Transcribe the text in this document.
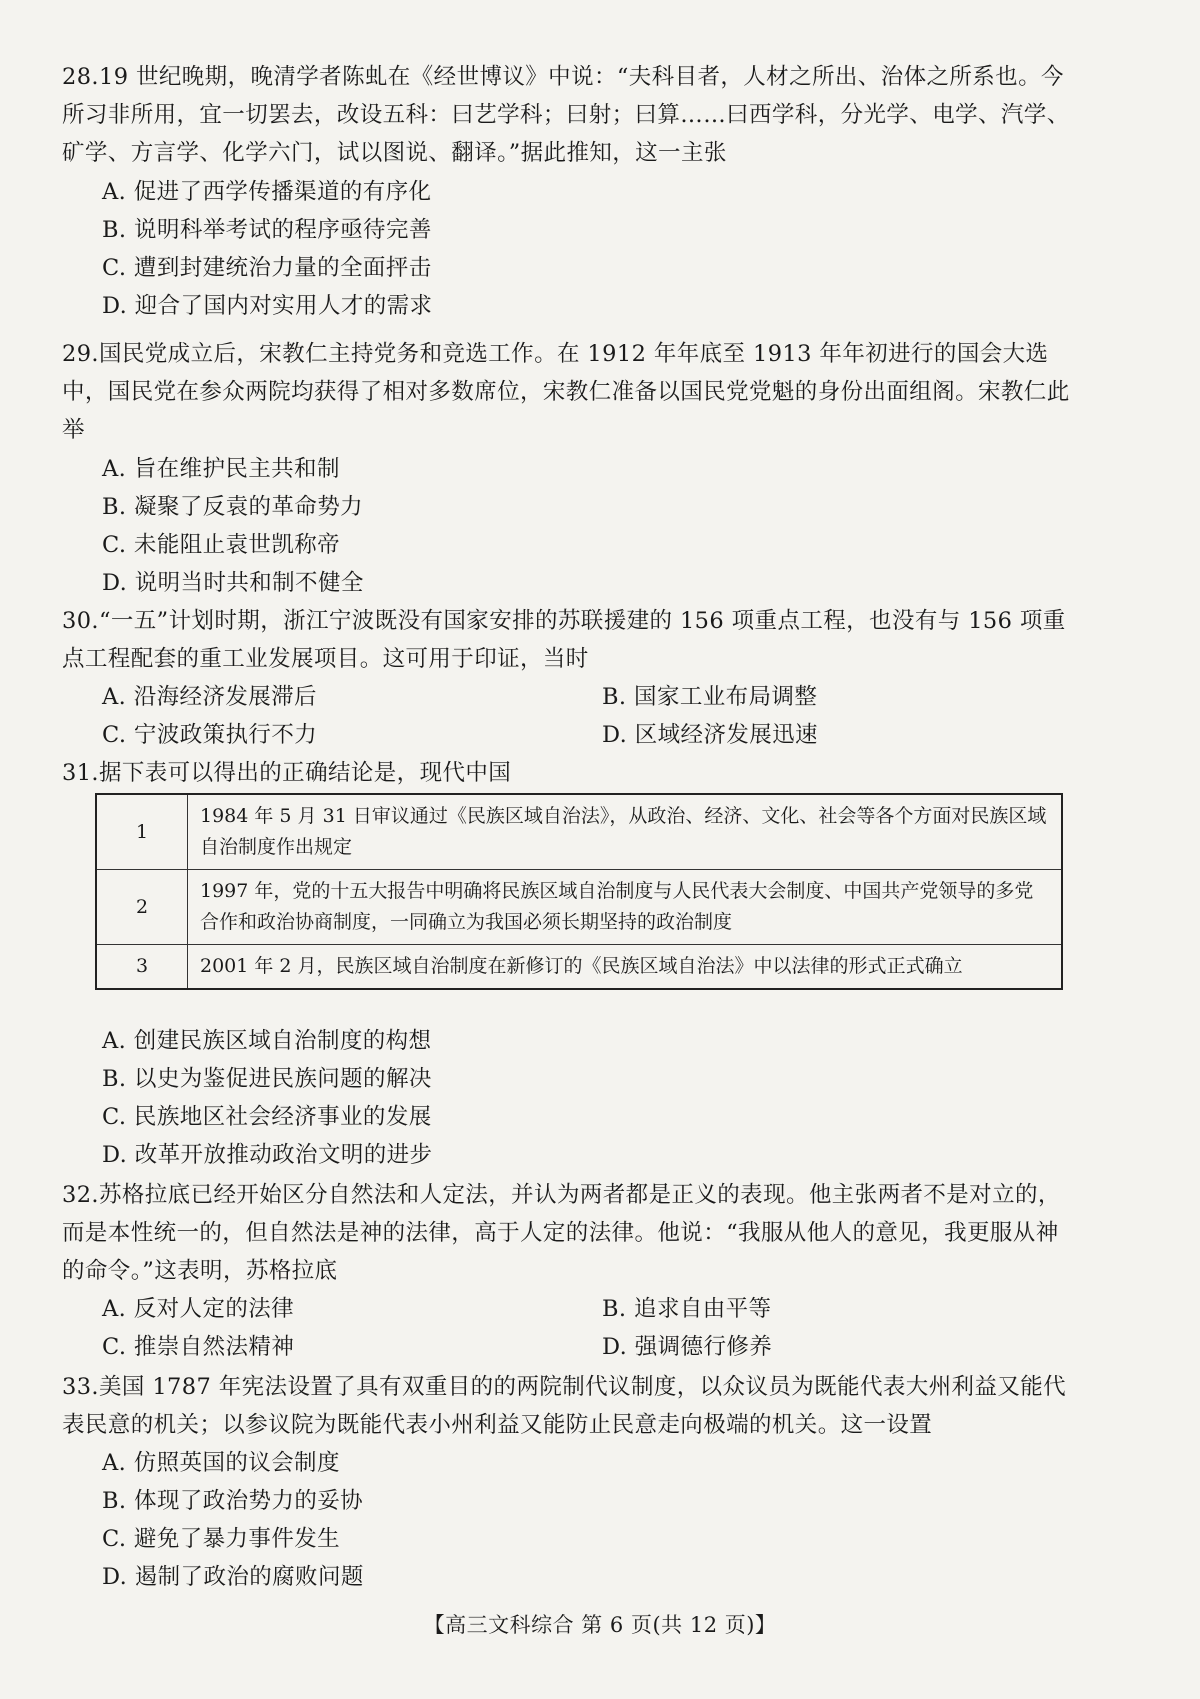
28.19 世纪晚期，晚清学者陈虬在《经世博议》中说：“夫科目者，人材之所出、治体之所系也。今所习非所用，宜一切罢去，改设五科：曰艺学科；曰射；曰算……曰西学科，分光学、电学、汽学、矿学、方言学、化学六门，试以图说、翻译。”据此推知，这一主张

A. 促进了西学传播渠道的有序化
B. 说明科举考试的程序亟待完善
C. 遭到封建统治力量的全面抨击
D. 迎合了国内对实用人才的需求

29.国民党成立后，宋教仁主持党务和竞选工作。在 1912 年年底至 1913 年年初进行的国会大选中，国民党在参众两院均获得了相对多数席位，宋教仁准备以国民党党魁的身份出面组阁。宋教仁此举

A. 旨在维护民主共和制
B. 凝聚了反袁的革命势力
C. 未能阻止袁世凯称帝
D. 说明当时共和制不健全

30.“一五”计划时期，浙江宁波既没有国家安排的苏联援建的 156 项重点工程，也没有与 156 项重点工程配套的重工业发展项目。这可用于印证，当时

A. 沿海经济发展滞后	B. 国家工业布局调整
C. 宁波政策执行不力	D. 区域经济发展迅速

31.据下表可以得出的正确结论是，现代中国

1	1984 年 5 月 31 日审议通过《民族区域自治法》，从政治、经济、文化、社会等各个方面对民族区域自治制度作出规定
2	1997 年，党的十五大报告中明确将民族区域自治制度与人民代表大会制度、中国共产党领导的多党合作和政治协商制度，一同确立为我国必须长期坚持的政治制度
3	2001 年 2 月，民族区域自治制度在新修订的《民族区域自治法》中以法律的形式正式确立
A. 创建民族区域自治制度的构想
B. 以史为鉴促进民族问题的解决
C. 民族地区社会经济事业的发展
D. 改革开放推动政治文明的进步

32.苏格拉底已经开始区分自然法和人定法，并认为两者都是正义的表现。他主张两者不是对立的，而是本性统一的，但自然法是神的法律，高于人定的法律。他说：“我服从他人的意见，我更服从神的命令。”这表明，苏格拉底

A. 反对人定的法律	B. 追求自由平等
C. 推崇自然法精神	D. 强调德行修养

33.美国 1787 年宪法设置了具有双重目的的两院制代议制度，以众议员为既能代表大州利益又能代表民意的机关；以参议院为既能代表小州利益又能防止民意走向极端的机关。这一设置

A. 仿照英国的议会制度
B. 体现了政治势力的妥协
C. 避免了暴力事件发生
D. 遏制了政治的腐败问题
【高三文科综合 第 6 页(共 12 页)】
